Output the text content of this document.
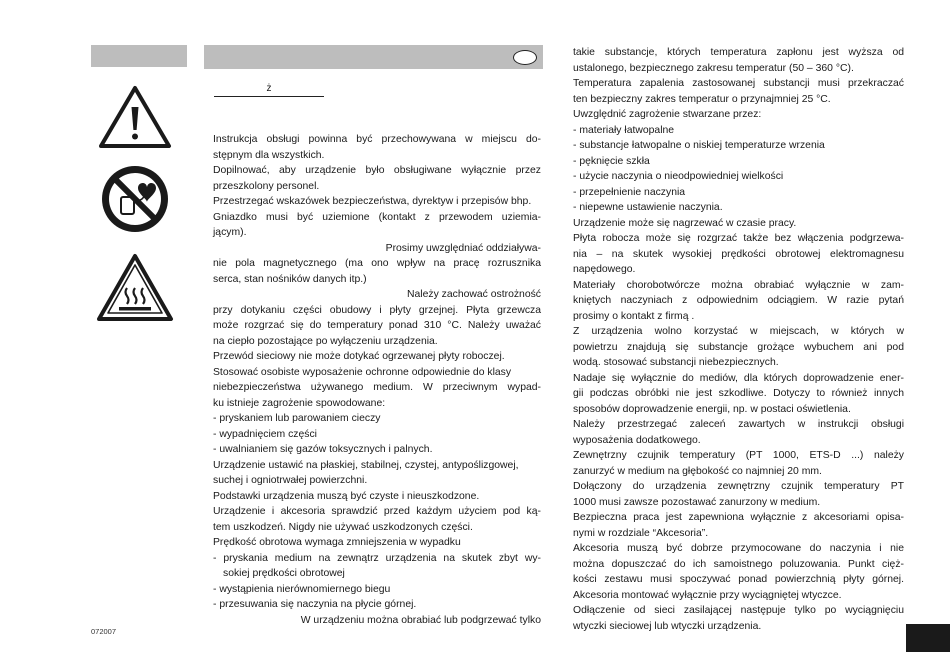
ż

Instrukcja obsługi powinna być przechowywana w miejscu do-

stępnym dla wszystkich.

Dopilnować, aby urządzenie było obsługiwane wyłącznie przez

przeszkolony personel.

Przestrzegać wskazówek bezpieczeństwa, dyrektyw i przepisów bhp.

Gniazdko musi być uziemione (kontakt z przewodem uziemia-

jącym).

Prosimy uwzględniać oddziaływa-

nie pola magnetycznego (ma ono wpływ na pracę rozrusznika

serca, stan nośników danych itp.)

Należy zachować ostrożność

przy dotykaniu części obudowy i płyty grzejnej. Płyta grzewcza

może rozgrzać się do temperatury ponad 310 °C. Należy uważać

na ciepło pozostające po wyłączeniu urządzenia.

Przewód sieciowy nie może dotykać ogrzewanej płyty roboczej.

Stosować osobiste wyposażenie ochronne odpowiednie do klasy

niebezpieczeństwa używanego medium. W przeciwnym wypad-

ku istnieje zagrożenie spowodowane:

- pryskaniem lub parowaniem cieczy

- wypadnięciem części

- uwalnianiem się gazów toksycznych i palnych.

Urządzenie ustawić na płaskiej, stabilnej, czystej, antypoślizgowej,

suchej i ogniotrwałej powierzchni.

Podstawki urządzenia muszą być czyste i nieuszkodzone.

Urządzenie i akcesoria sprawdzić przed każdym użyciem pod ką-

tem uszkodzeń. Nigdy nie używać uszkodzonych części.

Prędkość obrotowa wymaga zmniejszenia w wypadku

- pryskania medium na zewnątrz urządzenia na skutek zbyt wy-

sokiej prędkości obrotowej

- wystąpienia nierównomiernego biegu

- przesuwania się naczynia na płycie górnej.

W urządzeniu można obrabiać lub podgrzewać tylko

takie substancje, których temperatura zapłonu jest wyższa od

ustalonego, bezpiecznego zakresu temperatur (50 – 360 °C).

Temperatura zapalenia zastosowanej substancji musi przekraczać

ten bezpieczny zakres temperatur o przynajmniej 25 °C.

Uwzględnić zagrożenie stwarzane przez:

- materiały łatwopalne

- substancje łatwopalne o niskiej temperaturze wrzenia

- pęknięcie szkła

- użycie naczynia o nieodpowiedniej wielkości

- przepełnienie naczynia

- niepewne ustawienie naczynia.

Urządzenie może się nagrzewać w czasie pracy.

Płyta robocza może się rozgrzać także bez włączenia podgrzewa-

nia – na skutek wysokiej prędkości obrotowej elektromagnesu

napędowego.

Materiały chorobotwórcze można obrabiać wyłącznie w zam-

kniętych naczyniach z odpowiednim odciągiem. W razie pytań

prosimy o kontakt z firmą .

Z urządzenia wolno korzystać w miejscach, w których w

powietrzu znajdują się substancje grożące wybuchem ani pod

wodą. stosować substancji niebezpiecznych.

Nadaje się wyłącznie do mediów, dla których doprowadzenie ener-

gii podczas obróbki nie jest szkodliwe. Dotyczy to również innych

sposobów doprowadzenie energii, np. w postaci oświetlenia.

Należy przestrzegać zaleceń zawartych w instrukcji obsługi

wyposażenia dodatkowego.

Zewnętrzny czujnik temperatury (PT 1000, ETS-D ...) należy

zanurzyć w medium na głębokość co najmniej 20 mm.

Dołączony do urządzenia zewnętrzny czujnik temperatury PT

1000 musi zawsze pozostawać zanurzony w medium.

Bezpieczna praca jest zapewniona wyłącznie z akcesoriami opisa-

nymi w rozdziale “Akcesoria”.

Akcesoria muszą być dobrze przymocowane do naczynia i nie

można dopuszczać do ich samoistnego poluzowania. Punkt cięż-

kości zestawu musi spoczywać ponad powierzchnią płyty górnej.

Akcesoria montować wyłącznie przy wyciągniętej wtyczce.

Odłączenie od sieci zasilającej następuje tylko po wyciągnięciu

wtyczki sieciowej lub wtyczki urządzenia.

072007
